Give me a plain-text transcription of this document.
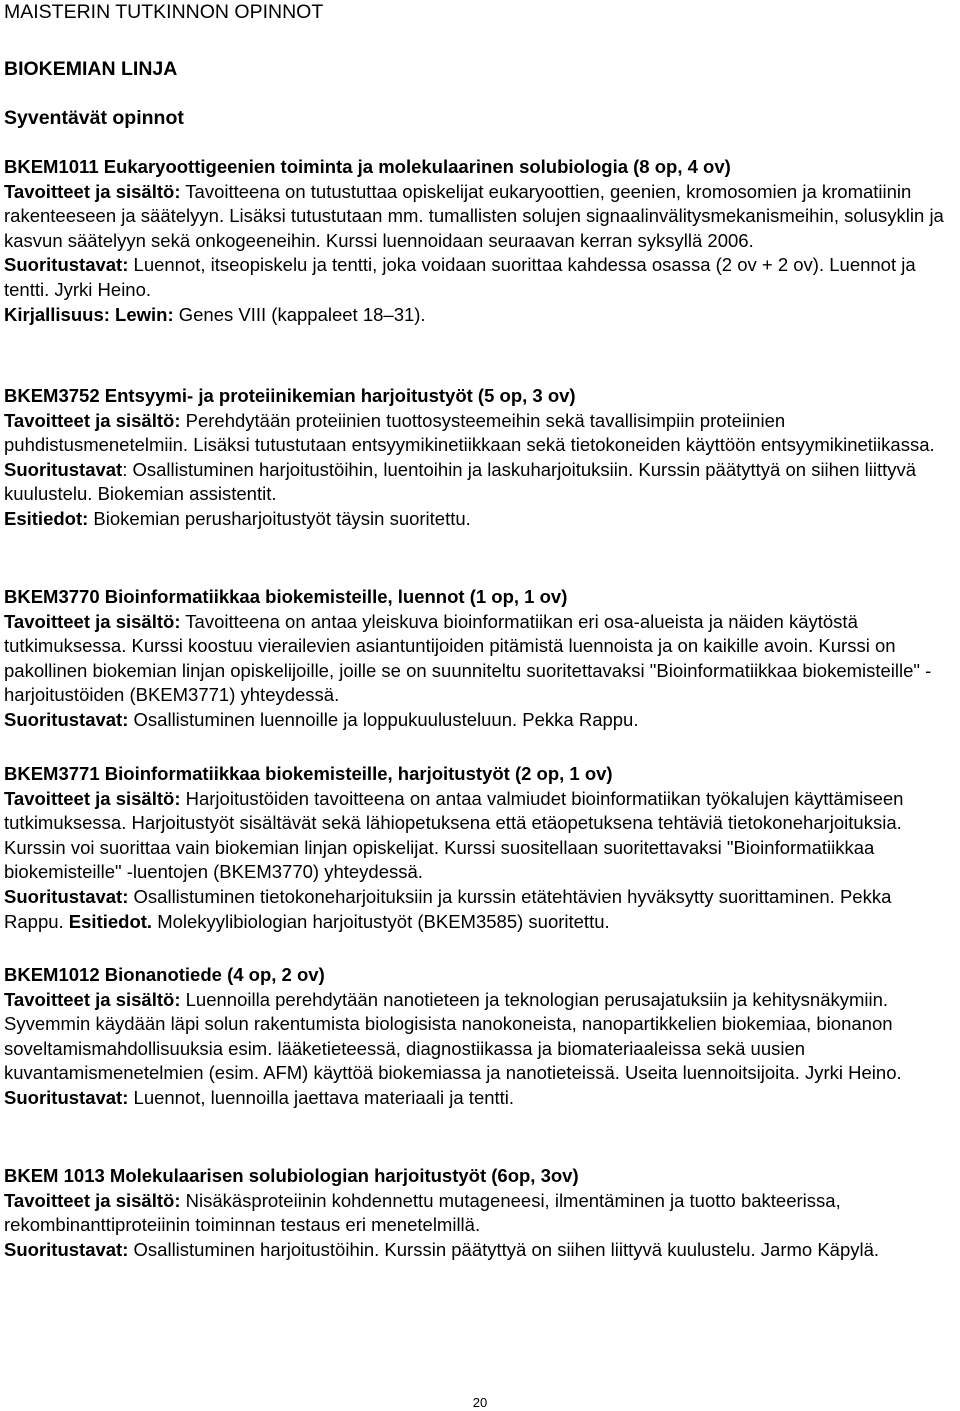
MAISTERIN TUTKINNON OPINNOT

BIOKEMIAN LINJA

Syventävät opinnot

BKEM1011 Eukaryoottigeenien toiminta ja molekulaarinen solubiologia (8 op, 4 ov)

Tavoitteet ja sisältö: Tavoitteena on tutustuttaa opiskelijat eukaryoottien, geenien, kromosomien ja kromatiinin rakenteeseen ja säätelyyn. Lisäksi tutustutaan mm. tumallisten solujen signaalinvälitysmekanismeihin, solusyklin ja kasvun säätelyyn sekä onkogeeneihin. Kurssi luennoidaan seuraavan kerran syksyllä 2006.

Suoritustavat: Luennot, itseopiskelu ja tentti, joka voidaan suorittaa kahdessa osassa (2 ov + 2 ov). Luennot ja tentti. Jyrki Heino.

Kirjallisuus: Lewin: Genes VIII (kappaleet 18–31).

BKEM3752 Entsyymi- ja proteiinikemian harjoitustyöt (5 op, 3 ov)

Tavoitteet ja sisältö: Perehdytään proteiinien tuottosysteemeihin sekä tavallisimpiin proteiinien puhdistusmenetelmiin. Lisäksi tutustutaan entsyymikinetiikkaan sekä tietokoneiden käyttöön entsyymikinetiikassa.

Suoritustavat: Osallistuminen harjoitustöihin, luentoihin ja laskuharjoituksiin. Kurssin päätyttyä on siihen liittyvä kuulustelu. Biokemian assistentit.

Esitiedot: Biokemian perusharjoitustyöt täysin suoritettu.

BKEM3770 Bioinformatiikkaa biokemisteille, luennot (1 op, 1 ov)

Tavoitteet ja sisältö: Tavoitteena on antaa yleiskuva bioinformatiikan eri osa-alueista ja näiden käytöstä tutkimuksessa. Kurssi koostuu vierailevien asiantuntijoiden pitämistä luennoista ja on kaikille avoin. Kurssi on pakollinen biokemian linjan opiskelijoille, joille se on suunniteltu suoritettavaksi "Bioinformatiikkaa biokemisteille" -harjoitustöiden (BKEM3771) yhteydessä.

Suoritustavat: Osallistuminen luennoille ja loppukuulusteluun. Pekka Rappu.

BKEM3771 Bioinformatiikkaa biokemisteille, harjoitustyöt (2 op, 1 ov)

Tavoitteet ja sisältö: Harjoitustöiden tavoitteena on antaa valmiudet bioinformatiikan työkalujen käyttämiseen tutkimuksessa. Harjoitustyöt sisältävät sekä lähiopetuksena että etäopetuksena tehtäviä tietokoneharjoituksia. Kurssin voi suorittaa vain biokemian linjan opiskelijat. Kurssi suositellaan suoritettavaksi "Bioinformatiikkaa biokemisteille" -luentojen (BKEM3770) yhteydessä.

Suoritustavat: Osallistuminen tietokoneharjoituksiin ja kurssin etätehtävien hyväksytty suorittaminen. Pekka Rappu. Esitiedot. Molekyylibiologian harjoitustyöt (BKEM3585) suoritettu.

BKEM1012 Bionanotiede (4 op, 2 ov)

Tavoitteet ja sisältö: Luennoilla perehdytään nanotieteen ja teknologian perusajatuksiin ja kehitysnäkymiin. Syvemmin käydään läpi solun rakentumista biologisista nanokoneista, nanopartikkelien biokemiaa, bionanon soveltamismahdollisuuksia esim. lääketieteessä, diagnostiikassa ja biomateriaaleissa sekä uusien kuvantamismenetelmien (esim. AFM) käyttöä biokemiassa ja nanotieteissä. Useita luennoitsijoita. Jyrki Heino.

Suoritustavat: Luennot, luennoilla jaettava materiaali ja tentti.

BKEM 1013 Molekulaarisen solubiologian harjoitustyöt (6op, 3ov)

Tavoitteet ja sisältö: Nisäkäsproteiinin kohdennettu mutageneesi, ilmentäminen ja tuotto bakteerissa, rekombinanttiproteiinin toiminnan testaus eri menetelmillä.

Suoritustavat: Osallistuminen harjoitustöihin. Kurssin päätyttyä on siihen liittyvä kuulustelu. Jarmo Käpylä.

20
